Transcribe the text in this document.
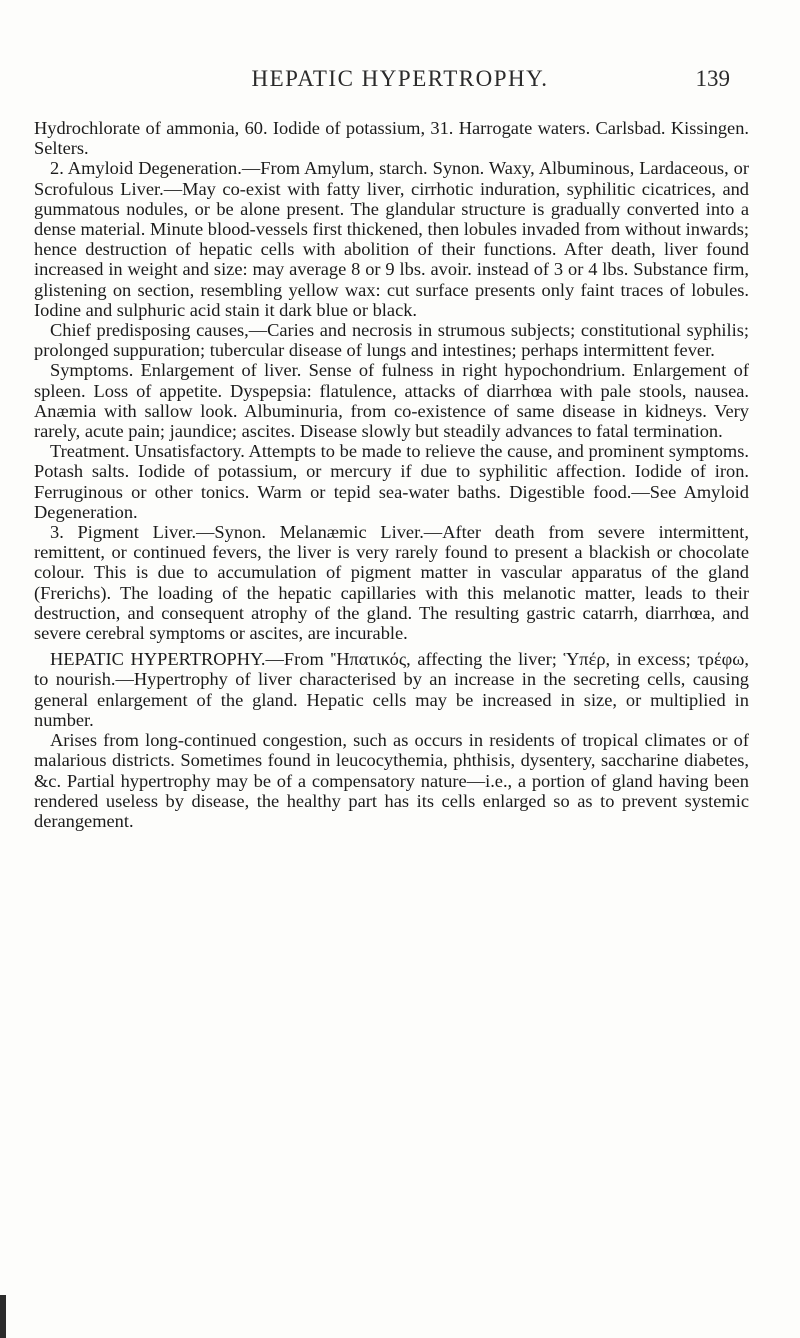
HEPATIC HYPERTROPHY.	139

Hydrochlorate of ammonia, 60. Iodide of potassium, 31. Harrogate waters. Carlsbad. Kissingen. Selters.

2. Amyloid Degeneration.—From Amylum, starch. Synon. Waxy, Albuminous, Lardaceous, or Scrofulous Liver.—May co-exist with fatty liver, cirrhotic induration, syphilitic cicatrices, and gummatous nodules, or be alone present. The glandular structure is gradually converted into a dense material. Minute blood-vessels first thickened, then lobules invaded from without inwards; hence destruction of hepatic cells with abolition of their functions. After death, liver found increased in weight and size: may average 8 or 9 lbs. avoir. instead of 3 or 4 lbs. Substance firm, glistening on section, resembling yellow wax: cut surface presents only faint traces of lobules. Iodine and sulphuric acid stain it dark blue or black.

Chief predisposing causes,—Caries and necrosis in strumous subjects; constitutional syphilis; prolonged suppuration; tubercular disease of lungs and intestines; perhaps intermittent fever.

Symptoms. Enlargement of liver. Sense of fulness in right hypochondrium. Enlargement of spleen. Loss of appetite. Dyspepsia: flatulence, attacks of diarrhœa with pale stools, nausea. Anæmia with sallow look. Albuminuria, from co-existence of same disease in kidneys. Very rarely, acute pain; jaundice; ascites. Disease slowly but steadily advances to fatal termination.

Treatment. Unsatisfactory. Attempts to be made to relieve the cause, and prominent symptoms. Potash salts. Iodide of potassium, or mercury if due to syphilitic affection. Iodide of iron. Ferruginous or other tonics. Warm or tepid sea-water baths. Digestible food.—See Amyloid Degeneration.

3. Pigment Liver.—Synon. Melanæmic Liver.—After death from severe intermittent, remittent, or continued fevers, the liver is very rarely found to present a blackish or chocolate colour. This is due to accumulation of pigment matter in vascular apparatus of the gland (Frerichs). The loading of the hepatic capillaries with this melanotic matter, leads to their destruction, and consequent atrophy of the gland. The resulting gastric catarrh, diarrhœa, and severe cerebral symptoms or ascites, are incurable.

HEPATIC HYPERTROPHY.—From 'Ἡπατικός, affecting the liver; Ὑπέρ, in excess; τρέφω, to nourish.—Hypertrophy of liver characterised by an increase in the secreting cells, causing general enlargement of the gland. Hepatic cells may be increased in size, or multiplied in number.

Arises from long-continued congestion, such as occurs in residents of tropical climates or of malarious districts. Sometimes found in leucocythemia, phthisis, dysentery, saccharine diabetes, &c. Partial hypertrophy may be of a compensatory nature—i.e., a portion of gland having been rendered useless by disease, the healthy part has its cells enlarged so as to prevent systemic derangement.
